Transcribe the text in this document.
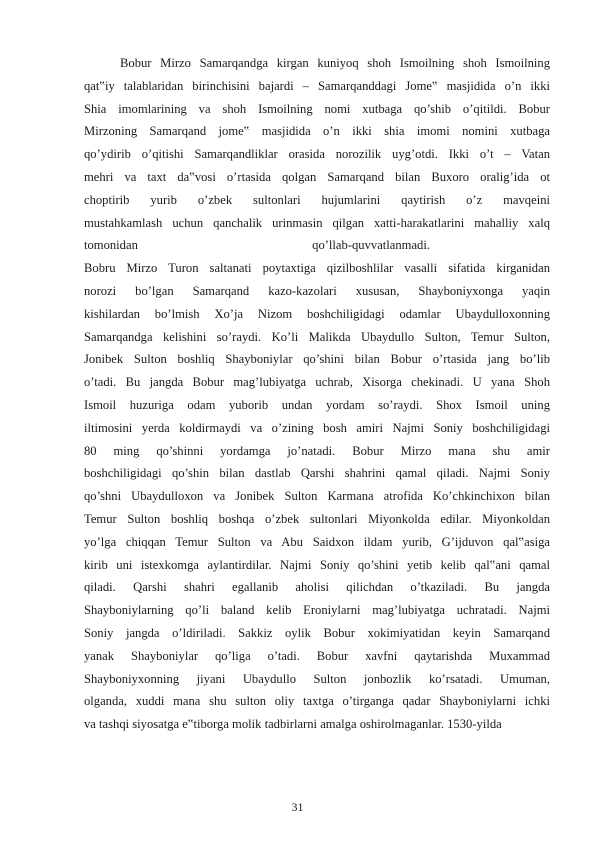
Bobur Mirzo Samarqandga kirgan kuniyoq shoh Ismoilning shoh Ismoilning
qat‟iy talablaridan birinchisini bajardi – Samarqanddagi Jome‟ masjidida o’n ikki
Shia imomlarining va shoh Ismoilning nomi xutbaga qo’shib o’qitildi. Bobur
Mirzoning Samarqand jome‟ masjidida o’n ikki shia imomi nomini xutbaga
qo’ydirib o’qitishi Samarqandliklar orasida norozilik uyg’otdi. Ikki o’t – Vatan
mehri va taxt da‟vosi o’rtasida qolgan Samarqand bilan Buxoro oralig’ida ot
choptirib yurib o’zbek sultonlari hujumlarini qaytirish o’z mavqeini
mustahkamlash uchun qanchalik urinmasin qilgan xatti-harakatlarini mahalliy xalq
tomonidan	qo’llab-quvvatlanmadi.
Bobru Mirzo Turon saltanati poytaxtiga qizilboshlilar vasalli sifatida kirganidan
norozi bo’lgan Samarqand kazo-kazolari xususan, Shayboniyxonga yaqin
kishilardan bo’lmish Xo’ja Nizom boshchiligidagi odamlar Ubaydulloxonning
Samarqandga kelishini so’raydi. Ko’li Malikda Ubaydullo Sulton, Temur Sulton,
Jonibek Sulton boshliq Shayboniylar qo’shini bilan Bobur o’rtasida jang bo’lib
o’tadi. Bu jangda Bobur mag’lubiyatga uchrab, Xisorga chekinadi. U yana Shoh
Ismoil huzuriga odam yuborib undan yordam so’raydi. Shox Ismoil uning
iltimosini yerda koldirmaydi va o’zining bosh amiri Najmi Soniy boshchiligidagi
80 ming qo’shinni yordamga jo’natadi. Bobur Mirzo mana shu amir
boshchiligidagi qo’shin bilan dastlab Qarshi shahrini qamal qiladi. Najmi Soniy
qo’shni Ubaydulloxon va Jonibek Sulton Karmana atrofida Ko’chkinchixon bilan
Temur Sulton boshliq boshqa o’zbek sultonlari Miyonkolda edilar. Miyonkoldan
yo’lga chiqqan Temur Sulton va Abu Saidxon ildam yurib, G’ijduvon qal‟asiga
kirib uni istexkomga aylantirdilar. Najmi Soniy qo’shini yetib kelib qal‟ani qamal
qiladi. Qarshi shahri egallanib aholisi qilichdan o’tkaziladi. Bu jangda
Shayboniylarning qo’li baland kelib Eroniylarni mag’lubiyatga uchratadi. Najmi
Soniy jangda o’ldiriladi. Sakkiz oylik Bobur xokimiyatidan keyin Samarqand
yanak Shayboniylar qo’liga o’tadi. Bobur xavfni qaytarishda Muxammad
Shayboniyxonning jiyani Ubaydullo Sulton jonbozlik ko’rsatadi. Umuman,
olganda, xuddi mana shu sulton oliy taxtga o’tirganga qadar Shayboniylarni ichki
va tashqi siyosatga e‟tiborga molik tadbirlarni amalga oshirolmaganlar. 1530-yilda
31
